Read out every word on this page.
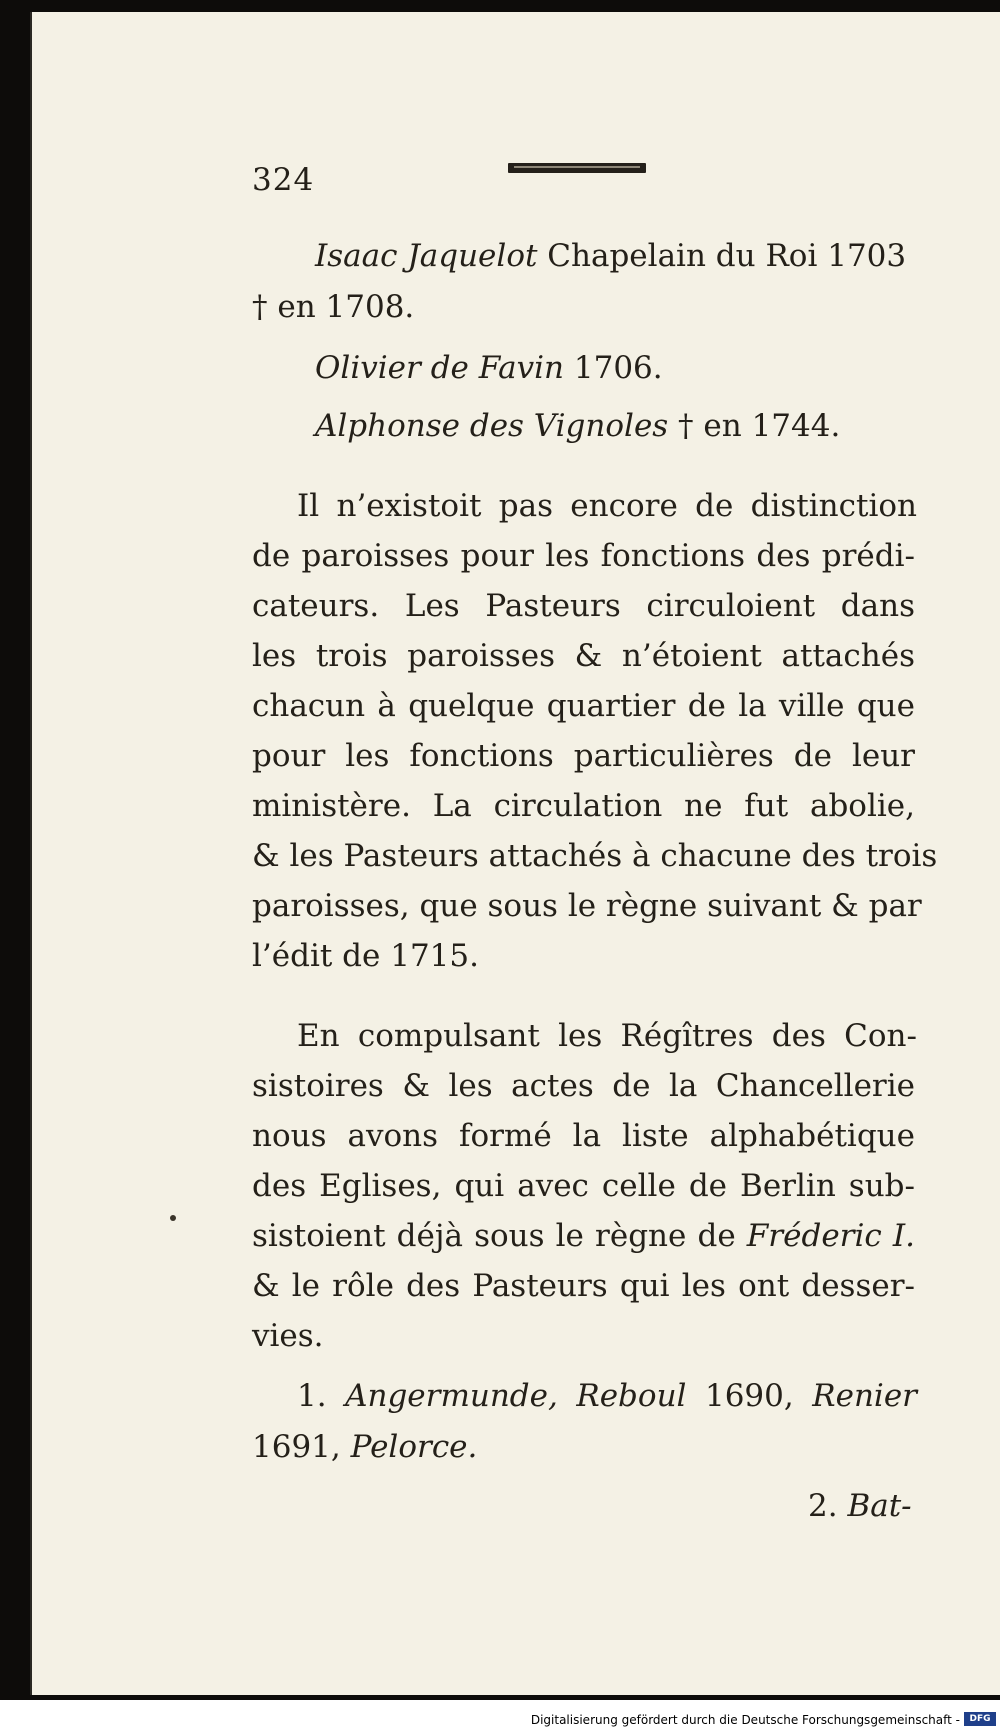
324
Isaac Jaquelot Chapelain du Roi 1703
† en 1708.
Olivier de Favin 1706.
Alphonse des Vignoles † en 1744.
Il n’existoit pas encore de distinction
de paroisses pour les fonctions des prédi-
cateurs. Les Pasteurs circuloient dans
les trois paroisses & n’étoient attachés
chacun à quelque quartier de la ville que
pour les fonctions particulières de leur
ministère. La circulation ne fut abolie,
& les Pasteurs attachés à chacune des trois
paroisses, que sous le règne suivant & par
l’édit de 1715.
En compulsant les Régîtres des Con-
sistoires & les actes de la Chancellerie
nous avons formé la liste alphabétique
des Eglises, qui avec celle de Berlin sub-
sistoient déjà sous le règne de Fréderic I.
& le rôle des Pasteurs qui les ont desser-
vies.
1. Angermunde, Reboul 1690, Renier
1691, Pelorce.
2. Bat-
Digitalisierung gefördert durch die Deutsche Forschungsgemeinschaft -	DFG
